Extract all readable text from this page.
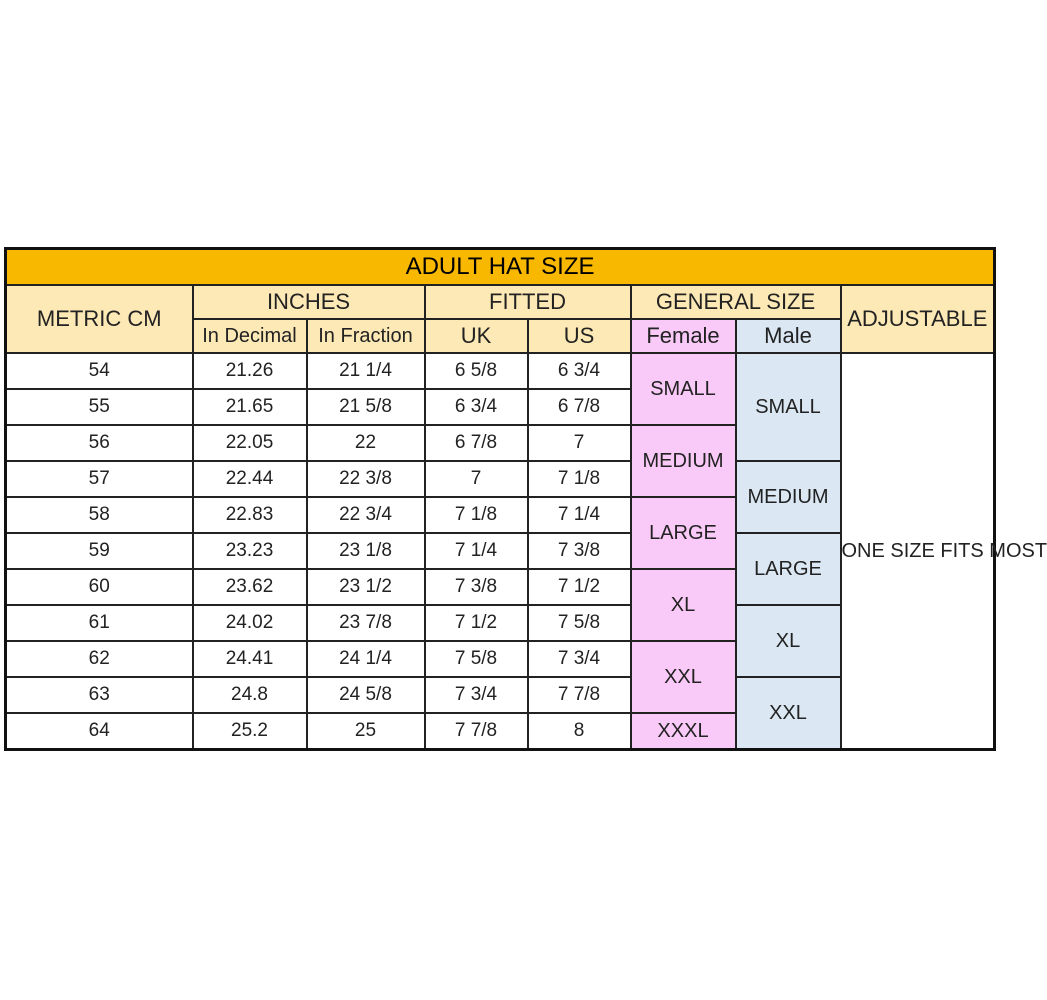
ADULT HAT SIZE							
METRIC CM	INCHES		FITTED		GENERAL SIZE		ADJUSTABLE
	In Decimal	In Fraction	UK	US	Female	Male	
54	21.26	21 1/4	6 5/8	6 3/4	SMALL	SMALL	ONE SIZE FITS MOST
55	21.65	21 5/8	6 3/4	6 7/8			
56	22.05	22	6 7/8	7	MEDIUM		
57	22.44	22 3/8	7	7 1/8		MEDIUM	
58	22.83	22 3/4	7 1/8	7 1/4	LARGE		
59	23.23	23 1/8	7 1/4	7 3/8		LARGE	
60	23.62	23 1/2	7 3/8	7 1/2	XL		
61	24.02	23 7/8	7 1/2	7 5/8		XL	
62	24.41	24 1/4	7 5/8	7 3/4	XXL		
63	24.8	24 5/8	7 3/4	7 7/8		XXL	
64	25.2	25	7 7/8	8	XXXL		
